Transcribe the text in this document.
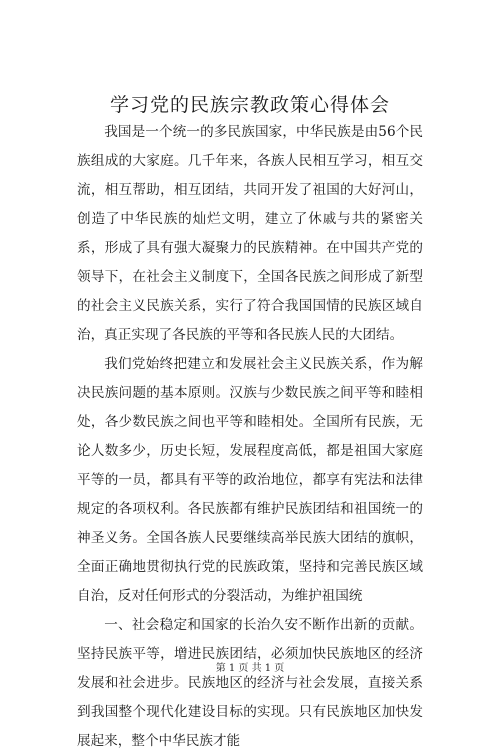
学习党的民族宗教政策心得体会

我国是一个统一的多民族国家，中华民族是由56个民族组成的大家庭。几千年来，各族人民相互学习，相互交流，相互帮助，相互团结，共同开发了祖国的大好河山，创造了中华民族的灿烂文明，建立了休戚与共的紧密关系，形成了具有强大凝聚力的民族精神。在中国共产党的领导下，在社会主义制度下，全国各民族之间形成了新型的社会主义民族关系，实行了符合我国国情的民族区域自治，真正实现了各民族的平等和各民族人民的大团结。

我们党始终把建立和发展社会主义民族关系，作为解决民族问题的基本原则。汉族与少数民族之间平等和睦相处，各少数民族之间也平等和睦相处。全国所有民族，无论人数多少，历史长短，发展程度高低，都是祖国大家庭平等的一员，都具有平等的政治地位，都享有宪法和法律规定的各项权利。各民族都有维护民族团结和祖国统一的神圣义务。全国各族人民要继续高举民族大团结的旗帜，全面正确地贯彻执行党的民族政策，坚持和完善民族区域自治，反对任何形式的分裂活动，为维护祖国统

一、社会稳定和国家的长治久安不断作出新的贡献。坚持民族平等，增进民族团结，必须加快民族地区的经济发展和社会进步。民族地区的经济与社会发展，直接关系到我国整个现代化建设目标的实现。只有民族地区加快发展起来，整个中华民族才能

第 1 页 共 1 页
